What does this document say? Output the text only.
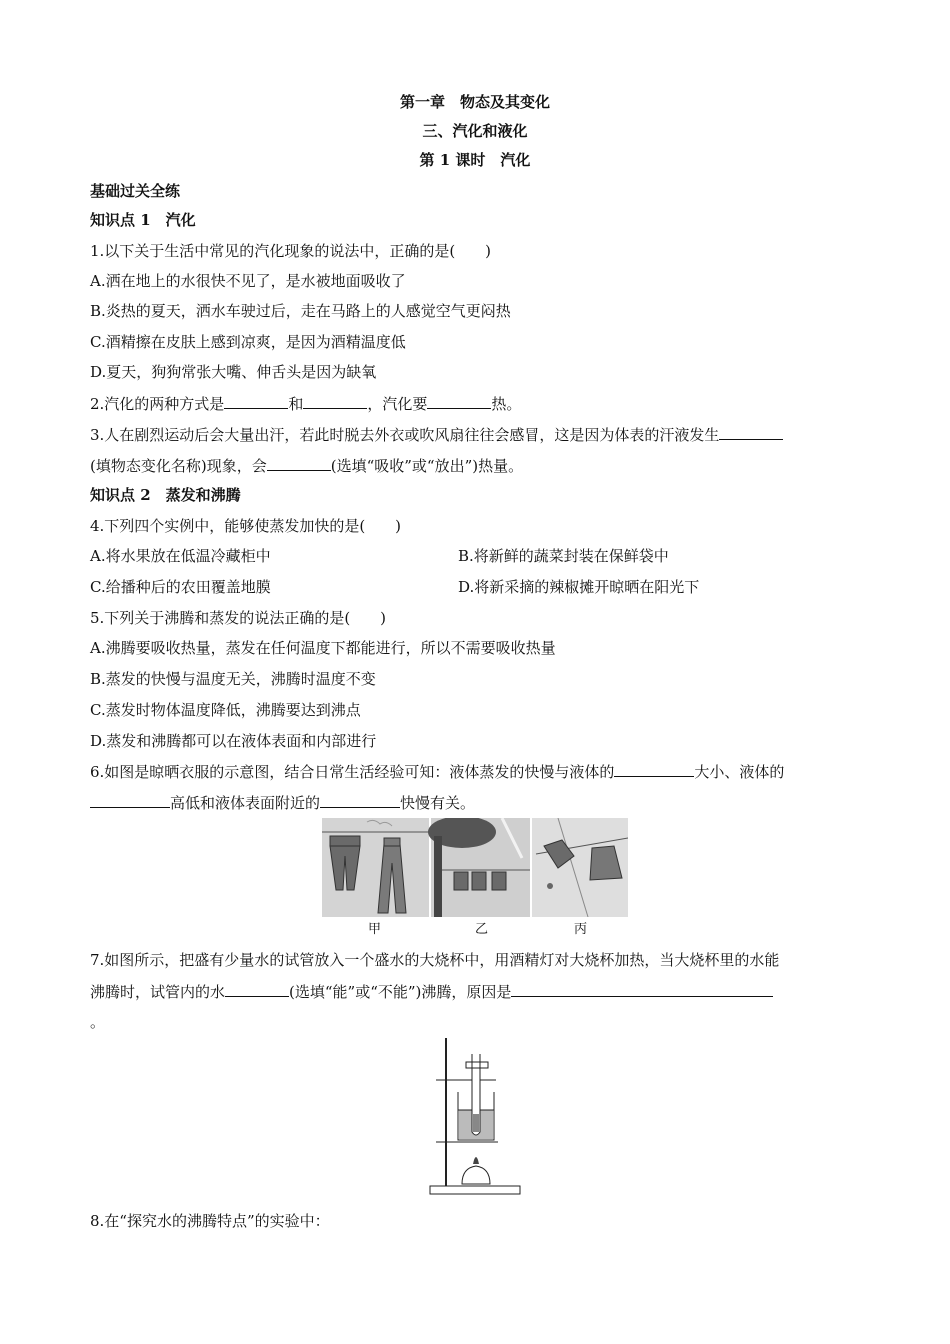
第一章　物态及其变化
三、汽化和液化
第 1 课时　汽化
基础过关全练
知识点 1　汽化
1.以下关于生活中常见的汽化现象的说法中，正确的是(　　)
A.洒在地上的水很快不见了，是水被地面吸收了
B.炎热的夏天，洒水车驶过后，走在马路上的人感觉空气更闷热
C.酒精擦在皮肤上感到凉爽，是因为酒精温度低
D.夏天，狗狗常张大嘴、伸舌头是因为缺氧
2.汽化的两种方式是	和	，汽化要	热。
3.人在剧烈运动后会大量出汗，若此时脱去外衣或吹风扇往往会感冒，这是因为体表的汗液发生
(填物态变化名称)现象，会	(选填“吸收”或“放出”)热量。
知识点 2　蒸发和沸腾
4.下列四个实例中，能够使蒸发加快的是(　　)
A.将水果放在低温冷藏柜中	B.将新鲜的蔬菜封装在保鲜袋中
C.给播种后的农田覆盖地膜	D.将新采摘的辣椒摊开晾晒在阳光下
5.下列关于沸腾和蒸发的说法正确的是(　　)
A.沸腾要吸收热量，蒸发在任何温度下都能进行，所以不需要吸收热量
B.蒸发的快慢与温度无关，沸腾时温度不变
C.蒸发时物体温度降低，沸腾要达到沸点
D.蒸发和沸腾都可以在液体表面和内部进行
6.如图是晾晒衣服的示意图，结合日常生活经验可知：液体蒸发的快慢与液体的	大小、液体的
高低和液体表面附近的	快慢有关。
甲	乙	丙
7.如图所示，把盛有少量水的试管放入一个盛水的大烧杯中，用酒精灯对大烧杯加热，当大烧杯里的水能
沸腾时，试管内的水	(选填“能”或“不能”)沸腾，原因是
。
8.在“探究水的沸腾特点”的实验中：
